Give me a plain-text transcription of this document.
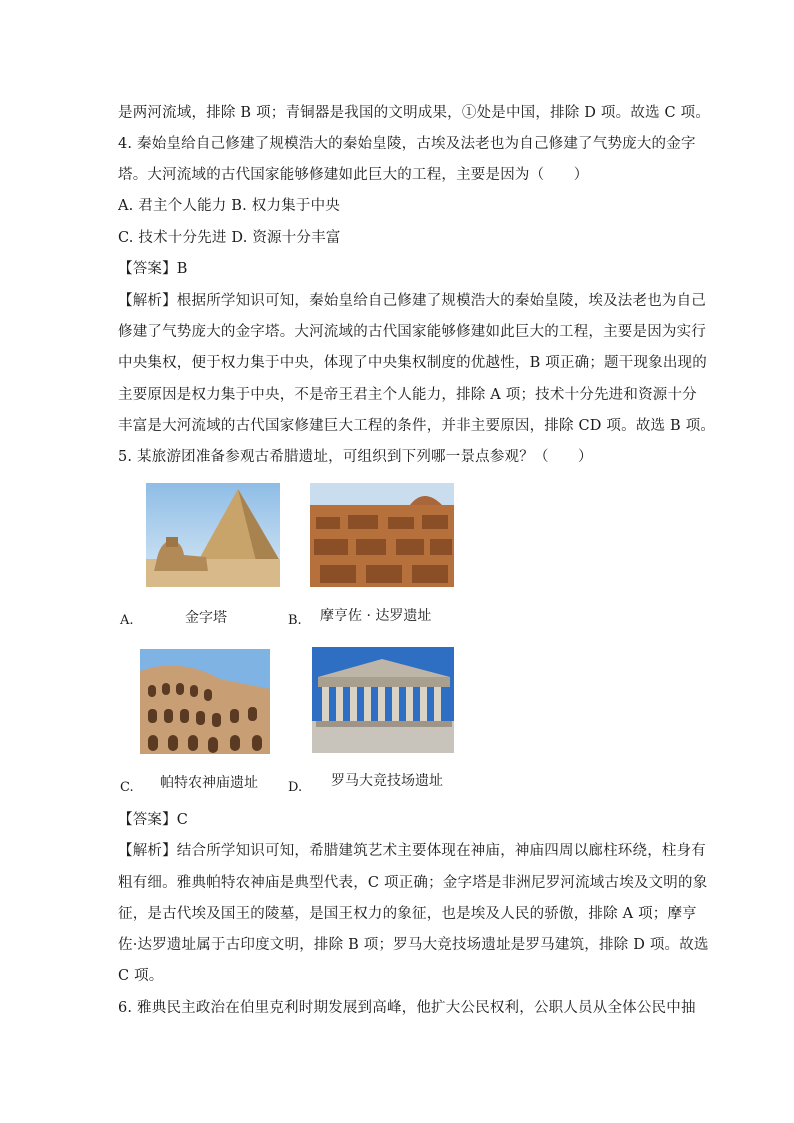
是两河流域，排除 B 项；青铜器是我国的文明成果，①处是中国，排除 D 项。故选 C 项。
4. 秦始皇给自己修建了规模浩大的秦始皇陵，古埃及法老也为自己修建了气势庞大的金字
塔。大河流域的古代国家能够修建如此巨大的工程，主要是因为（　　）
A. 君主个人能力 B. 权力集于中央
C. 技术十分先进 D. 资源十分丰富
【答案】B
【解析】根据所学知识可知，秦始皇给自己修建了规模浩大的秦始皇陵，埃及法老也为自己
修建了气势庞大的金字塔。大河流域的古代国家能够修建如此巨大的工程，主要是因为实行
中央集权，便于权力集于中央，体现了中央集权制度的优越性，B 项正确；题干现象出现的
主要原因是权力集于中央，不是帝王君主个人能力，排除 A 项；技术十分先进和资源十分
丰富是大河流域的古代国家修建巨大工程的条件，并非主要原因，排除 CD 项。故选 B 项。
5. 某旅游团准备参观古希腊遗址，可组织到下列哪一景点参观？（　　）
A.	金字塔	B. 摩亨佐 · 达罗遗址
C. 帕特农神庙遗址 D. 罗马大竞技场遗址
【答案】C
【解析】结合所学知识可知，希腊建筑艺术主要体现在神庙，神庙四周以廊柱环绕，柱身有
粗有细。雅典帕特农神庙是典型代表，C 项正确；金字塔是非洲尼罗河流域古埃及文明的象
征，是古代埃及国王的陵墓，是国王权力的象征，也是埃及人民的骄傲，排除 A 项；摩亨
佐·达罗遗址属于古印度文明，排除 B 项；罗马大竞技场遗址是罗马建筑，排除 D 项。故选
C 项。
6. 雅典民主政治在伯里克利时期发展到高峰，他扩大公民权利，公职人员从全体公民中抽
